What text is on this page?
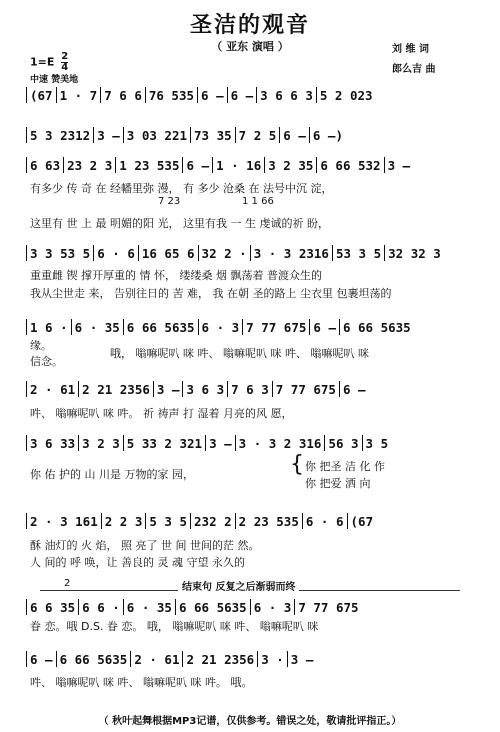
圣洁的观音
（ 亚东 演唱 ）
$1=E \frac{2}{4}$
中速 赞美地
刘 维 词
郎么吉 曲
(67 1 · 7 7 6 6 76 535 6 – 6 – 3 6 6 3 5 2 023
5 3 2312 3 – 3 03 221 73 35 7 2 5 6 – 6 –)
6 63 23 2 3 1 23 535 6 – 1 · 16 3 2 35 6 66 532 3 –
3 3 53 5 6 · 6 16 65 6 32 2 · 3 · 3 2316 53 3 5 32 32 3
1 6 · 6 · 35 6 66 5635 6 · 3 7 77 675 6 – 6 66 5635
2 · 61 2 21 2356 3 – 3 6 3 7 6 3 7 77 675 6 –
3 6 33 3 2 3 5 33 2 321 3 – 3 · 3 2 316 56 3 3 5
2 · 3 161 2 2 3 5 3 5 232 2 2 23 535 6 · 6 (67
6 6 35 6 6 · 6 · 35 6 66 5635 6 · 3 7 77 675
6 – 6 66 5635 2 · 61 2 21 2356 3 · 3 –
7 23	1 1 66
有多少 传 奇 在 经幡里弥 漫， 有 多少 沧桑 在 法号中沉 淀，
这里有 世 上 最 明媚的阳 光， 这里有我 一 生 虔诚的祈 盼，
重重雌 锲 撑开厚重的 情 怀， 缕缕桑 烟 飘荡着 普渡众生的
我从尘世走 来， 告别往日的 苦 难， 我 在朝 圣的路上 尘衣里 包裹坦荡的
缘。
信念。
哦， 嗡嘛呢叭 咪 吽、 嗡嘛呢叭 咪 吽、 嗡嘛呢叭 咪
吽、 嗡嘛呢叭 咪 吽。 祈 祷声 打 湿着 月亮的风 愿，
你 佑 护的 山 川是 万物的家 园，	{ 你 把圣 洁 化 作
你 把爱 洒 向
酥 油灯的 火 焰， 照 亮了 世 间 世间的茫 然。
人 间的 呼 唤，让 善良的 灵 魂 守望 永久的
眷 恋。哦 D.S. 眷 恋。 哦， 嗡嘛呢叭 咪 吽、 嗡嘛呢叭 咪
吽、 嗡嘛呢叭 咪 吽、 嗡嘛呢叭 咪 吽。 哦。
2	结束句 反复之后渐弱而终
（ 秋叶起舞根据MP3记谱，仅供参考。错误之处，敬请批评指正。）
